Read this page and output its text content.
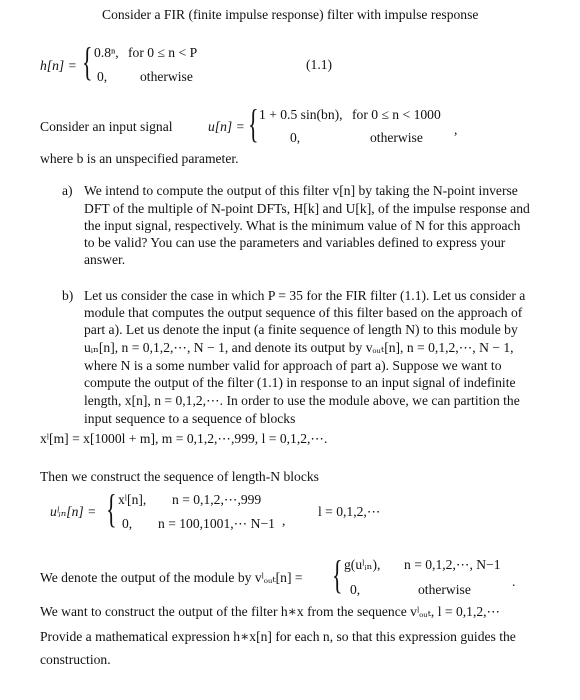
Consider a FIR (finite impulse response) filter with impulse response
h[n] = { 0.8ⁿ, for 0 ≤ n < P
0, otherwise
(1.1)
Consider an input signal	u[n] = { 1 + 0.5 sin(bn), for 0 ≤ n < 1000
0,	otherwise
,
where b is an unspecified parameter.
a) We intend to compute the output of this filter v[n] by taking the N-point inverse
DFT of the multiple of N-point DFTs, H[k] and U[k], of the impulse response and
the input signal, respectively. What is the minimum value of N for this approach
to be valid? You can use the parameters and variables defined to express your
answer.
b) Let us consider the case in which P = 35 for the FIR filter (1.1). Let us consider a
module that computes the output sequence of this filter based on the approach of
part a). Let us denote the input (a finite sequence of length N) to this module by
uᵢₙ[n], n = 0,1,2,⋯, N − 1, and denote its output by vₒᵤₜ[n], n = 0,1,2,⋯, N − 1,
where N is a some number valid for approach of part a). Suppose we want to
compute the output of the filter (1.1) in response to an input signal of indefinite
length, x[n], n = 0,1,2,⋯. In order to use the module above, we can partition the
input sequence to a sequence of blocks
xˡ[m] = x[1000l + m], m = 0,1,2,⋯,999, l = 0,1,2,⋯.
Then we construct the sequence of length-N blocks
uˡᵢₙ[n] = { xˡ[n], n = 0,1,2,⋯,999
0, n = 100,1001,⋯ N−1 ,
l = 0,1,2,⋯
We denote the output of the module by vˡₒᵤₜ[n] = { g(uˡᵢₙ), n = 0,1,2,⋯, N−1
0,	otherwise
.
We want to construct the output of the filter h∗x from the sequence vˡₒᵤₜ, l = 0,1,2,⋯
Provide a mathematical expression h∗x[n] for each n, so that this expression guides the
construction.
